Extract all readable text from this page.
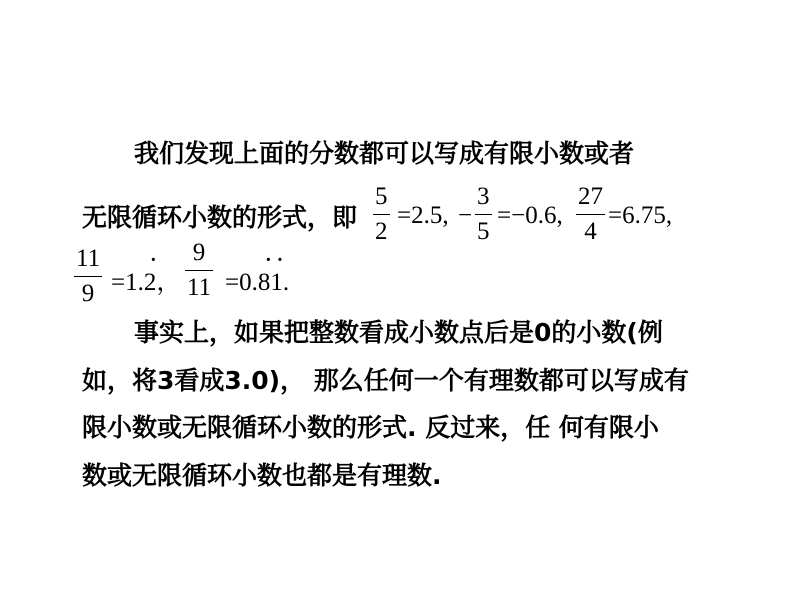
我们发现上面的分数都可以写成有限小数或者
无限循环小数的形式，即
5
2
=2.5, −
3
5
=−0.6,
27
4
=6.75,
11
9 =1.2，
· 9
11 =0.81.
· ·
事实上，如果把整数看成小数点后是0的小数(例
如，将3看成3.0)， 那么任何一个有理数都可以写成有
限小数或无限循环小数的形式. 反过来，任 何有限小
数或无限循环小数也都是有理数.
